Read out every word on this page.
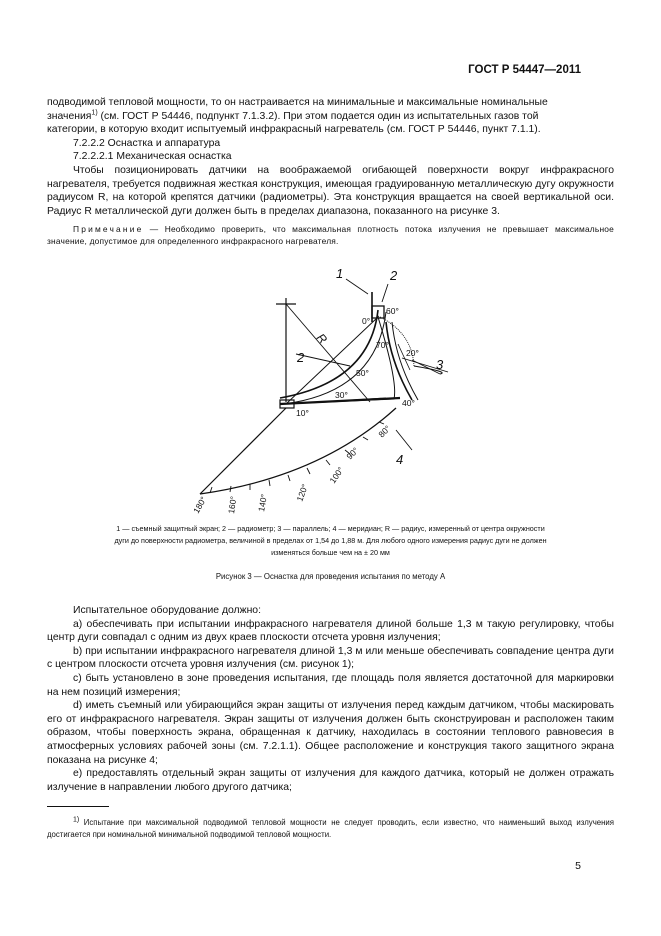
ГОСТ Р 54447—2011

подводимой тепловой мощности, то он настраивается на минимальные и максимальные номинальные

значения$^{1)}$ (см. ГОСТ Р 54446, подпункт 7.1.3.2). При этом подается один из испытательных газов той

категории, в которую входит испытуемый инфракрасный нагреватель (см. ГОСТ Р 54446, пункт 7.1.1).

7.2.2.2 Оснастка и аппаратура

7.2.2.2.1 Механическая оснастка

Чтобы позиционировать датчики на воображаемой огибающей поверхности вокруг инфракрасного нагревателя, требуется подвижная жесткая конструкция, имеющая градуированную металлическую дугу окружности радиусом R, на которой крепятся датчики (радиометры). Эта конструкция вращается на своей вертикальной оси. Радиус R металлической дуги должен быть в пределах диапазона, показанного на рисунке 3.

Примечание — Необходимо проверить, что максимальная плотность потока излучения не превышает максимальное значение, допустимое для определенного инфракрасного нагревателя.

1	2
2	3
4
R
0°
60°
70°
20°
50°
30°
40°
10°
80°
90°
100°
120°
140°
160°
180°
1 — съемный защитный экран; 2 — радиометр; 3 — параллель; 4 — меридиан; R — радиус, измеренный от центра окружности
дуги до поверхности радиометра, величиной в пределах от 1,54 до 1,88 м. Для любого одного измерения радиус дуги не должен
изменяться больше чем на ± 20 мм
Рисунок 3 — Оснастка для проведения испытания по методу А

Испытательное оборудование должно:

а) обеспечивать при испытании инфракрасного нагревателя длиной больше 1,3 м такую регулировку, чтобы центр дуги совпадал с одним из двух краев плоскости отсчета уровня излучения;

b) при испытании инфракрасного нагревателя длиной 1,3 м или меньше обеспечивать совпадение центра дуги с центром плоскости отсчета уровня излучения (см. рисунок 1);

c) быть установлено в зоне проведения испытания, где площадь поля является достаточной для маркировки на нем позиций измерения;

d) иметь съемный или убирающийся экран защиты от излучения перед каждым датчиком, чтобы маскировать его от инфракрасного нагревателя. Экран защиты от излучения должен быть сконструирован и расположен таким образом, чтобы поверхность экрана, обращенная к датчику, находилась в состоянии теплового равновесия в атмосферных условиях рабочей зоны (см. 7.2.1.1). Общее расположение и конструкция такого защитного экрана показана на рисунке 4;

e) предоставлять отдельный экран защиты от излучения для каждого датчика, который не должен отражать излучение в направлении любого другого датчика;

$^{1)}$ Испытание при максимальной подводимой тепловой мощности не следует проводить, если известно, что наименьший выход излучения достигается при номинальной минимальной подводимой тепловой мощности.
5
